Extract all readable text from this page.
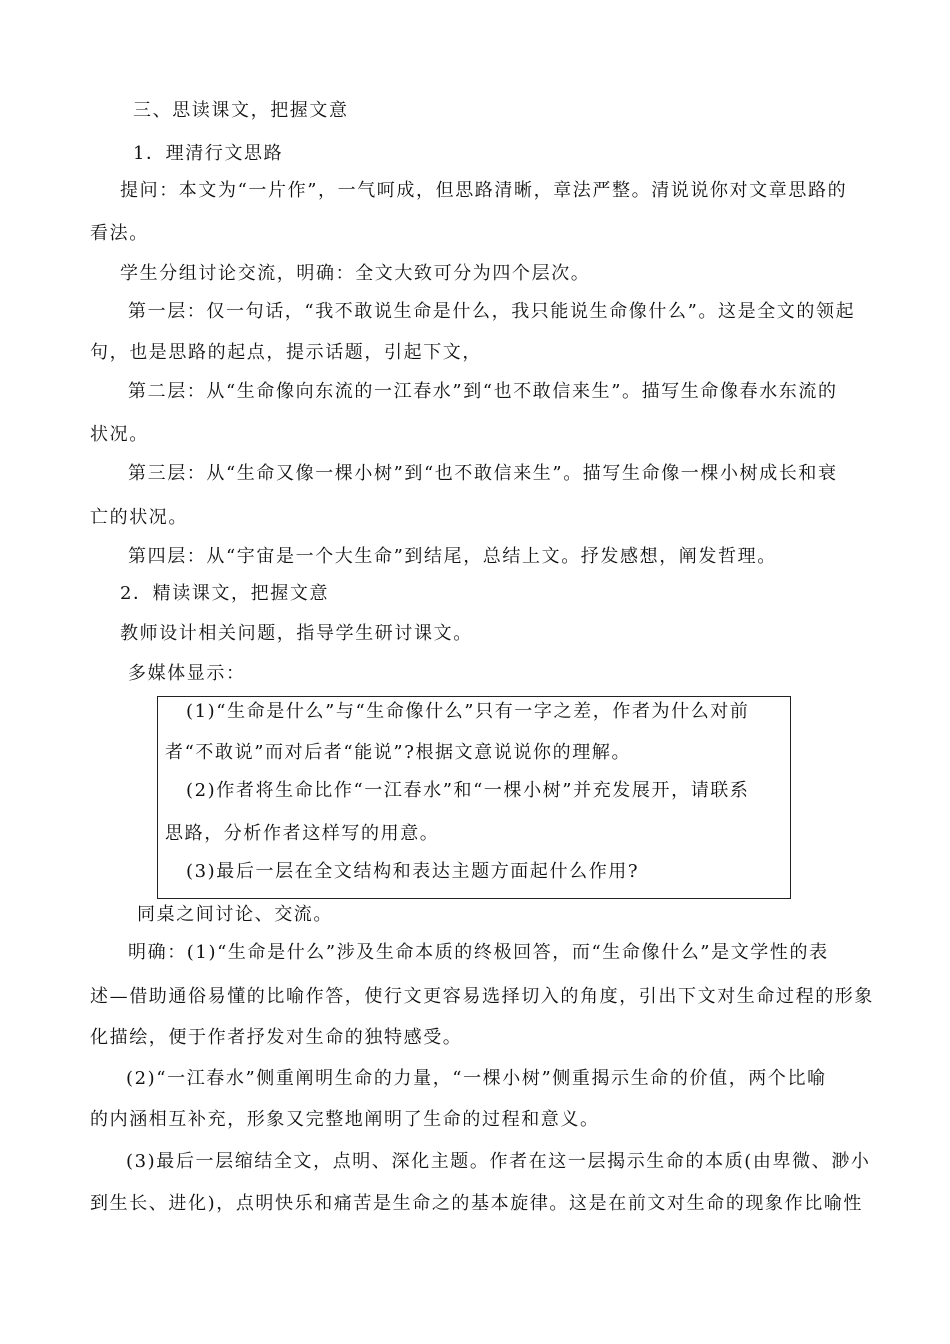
三、思读课文，把握文意
1．理清行文思路
提问：本文为“一片作”，一气呵成，但思路清晰，章法严整。清说说你对文章思路的
看法。
学生分组讨论交流，明确：全文大致可分为四个层次。
第一层：仅一句话，“我不敢说生命是什么，我只能说生命像什么”。这是全文的领起
句，也是思路的起点，提示话题，引起下文，
第二层：从“生命像向东流的一江春水”到“也不敢信来生”。描写生命像春水东流的
状况。
第三层：从“生命又像一棵小树”到“也不敢信来生”。描写生命像一棵小树成长和衰
亡的状况。
第四层：从“宇宙是一个大生命”到结尾，总结上文。抒发感想，阐发哲理。
2．精读课文，把握文意
教师设计相关问题，指导学生研讨课文。
多媒体显示：
(1)“生命是什么”与“生命像什么”只有一字之差，作者为什么对前
者“不敢说”而对后者“能说”?根据文意说说你的理解。
(2)作者将生命比作“一江春水”和“一棵小树”并充发展开，请联系
思路，分析作者这样写的用意。
(3)最后一层在全文结构和表达主题方面起什么作用?
同桌之间讨论、交流。
明确：(1)“生命是什么”涉及生命本质的终极回答，而“生命像什么”是文学性的表
述—借助通俗易懂的比喻作答，使行文更容易选择切入的角度，引出下文对生命过程的形象
化描绘，便于作者抒发对生命的独特感受。
(2)“一江春水”侧重阐明生命的力量，“一棵小树”侧重揭示生命的价值，两个比喻
的内涵相互补充，形象又完整地阐明了生命的过程和意义。
(3)最后一层缩结全文，点明、深化主题。作者在这一层揭示生命的本质(由卑微、渺小
到生长、进化)，点明快乐和痛苦是生命之的基本旋律。这是在前文对生命的现象作比喻性
